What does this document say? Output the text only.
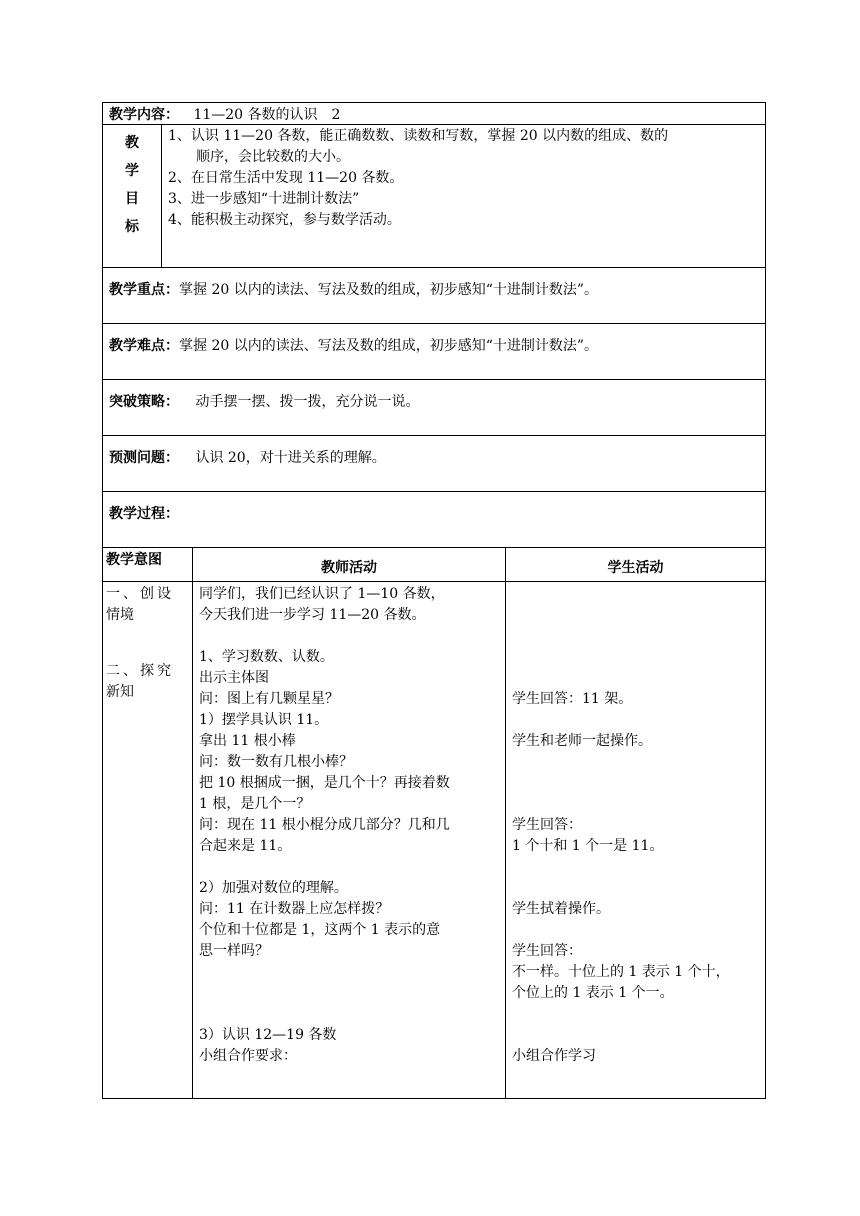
教学内容： 11—20 各数的认识　2
教
学
目
标
1、认识 11—20 各数，能正确数数、读数和写数，掌握 20 以内数的组成、数的
顺序，会比较数的大小。
2、在日常生活中发现 11—20 各数。
3、进一步感知“十进制计数法”
4、能积极主动探究，参与数学活动。
教学重点：掌握 20 以内的读法、写法及数的组成，初步感知“十进制计数法”。
教学难点：掌握 20 以内的读法、写法及数的组成，初步感知“十进制计数法”。
突破策略： 动手摆一摆、拨一拨，充分说一说。
预测问题： 认识 20，对十进关系的理解。
教学过程：
教学意图	教师活动	学生活动
一、创设
情境
二、探究
新知
同学们，我们已经认识了 1—10 各数，
今天我们进一步学习 11—20 各数。
1、学习数数、认数。
出示主体图
问：图上有几颗星星？
1）摆学具认识 11。
拿出 11 根小棒
问：数一数有几根小棒？
把 10 根捆成一捆，是几个十？再接着数
1 根，是几个一？
问：现在 11 根小棍分成几部分？几和几
合起来是 11。
2）加强对数位的理解。
问：11 在计数器上应怎样拨？
个位和十位都是 1，这两个 1 表示的意
思一样吗？
3）认识 12—19 各数
小组合作要求：
学生回答：11 架。
学生和老师一起操作。
学生回答：
1 个十和 1 个一是 11。
学生拭着操作。
学生回答：
不一样。十位上的 1 表示 1 个十，
个位上的 1 表示 1 个一。
小组合作学习
